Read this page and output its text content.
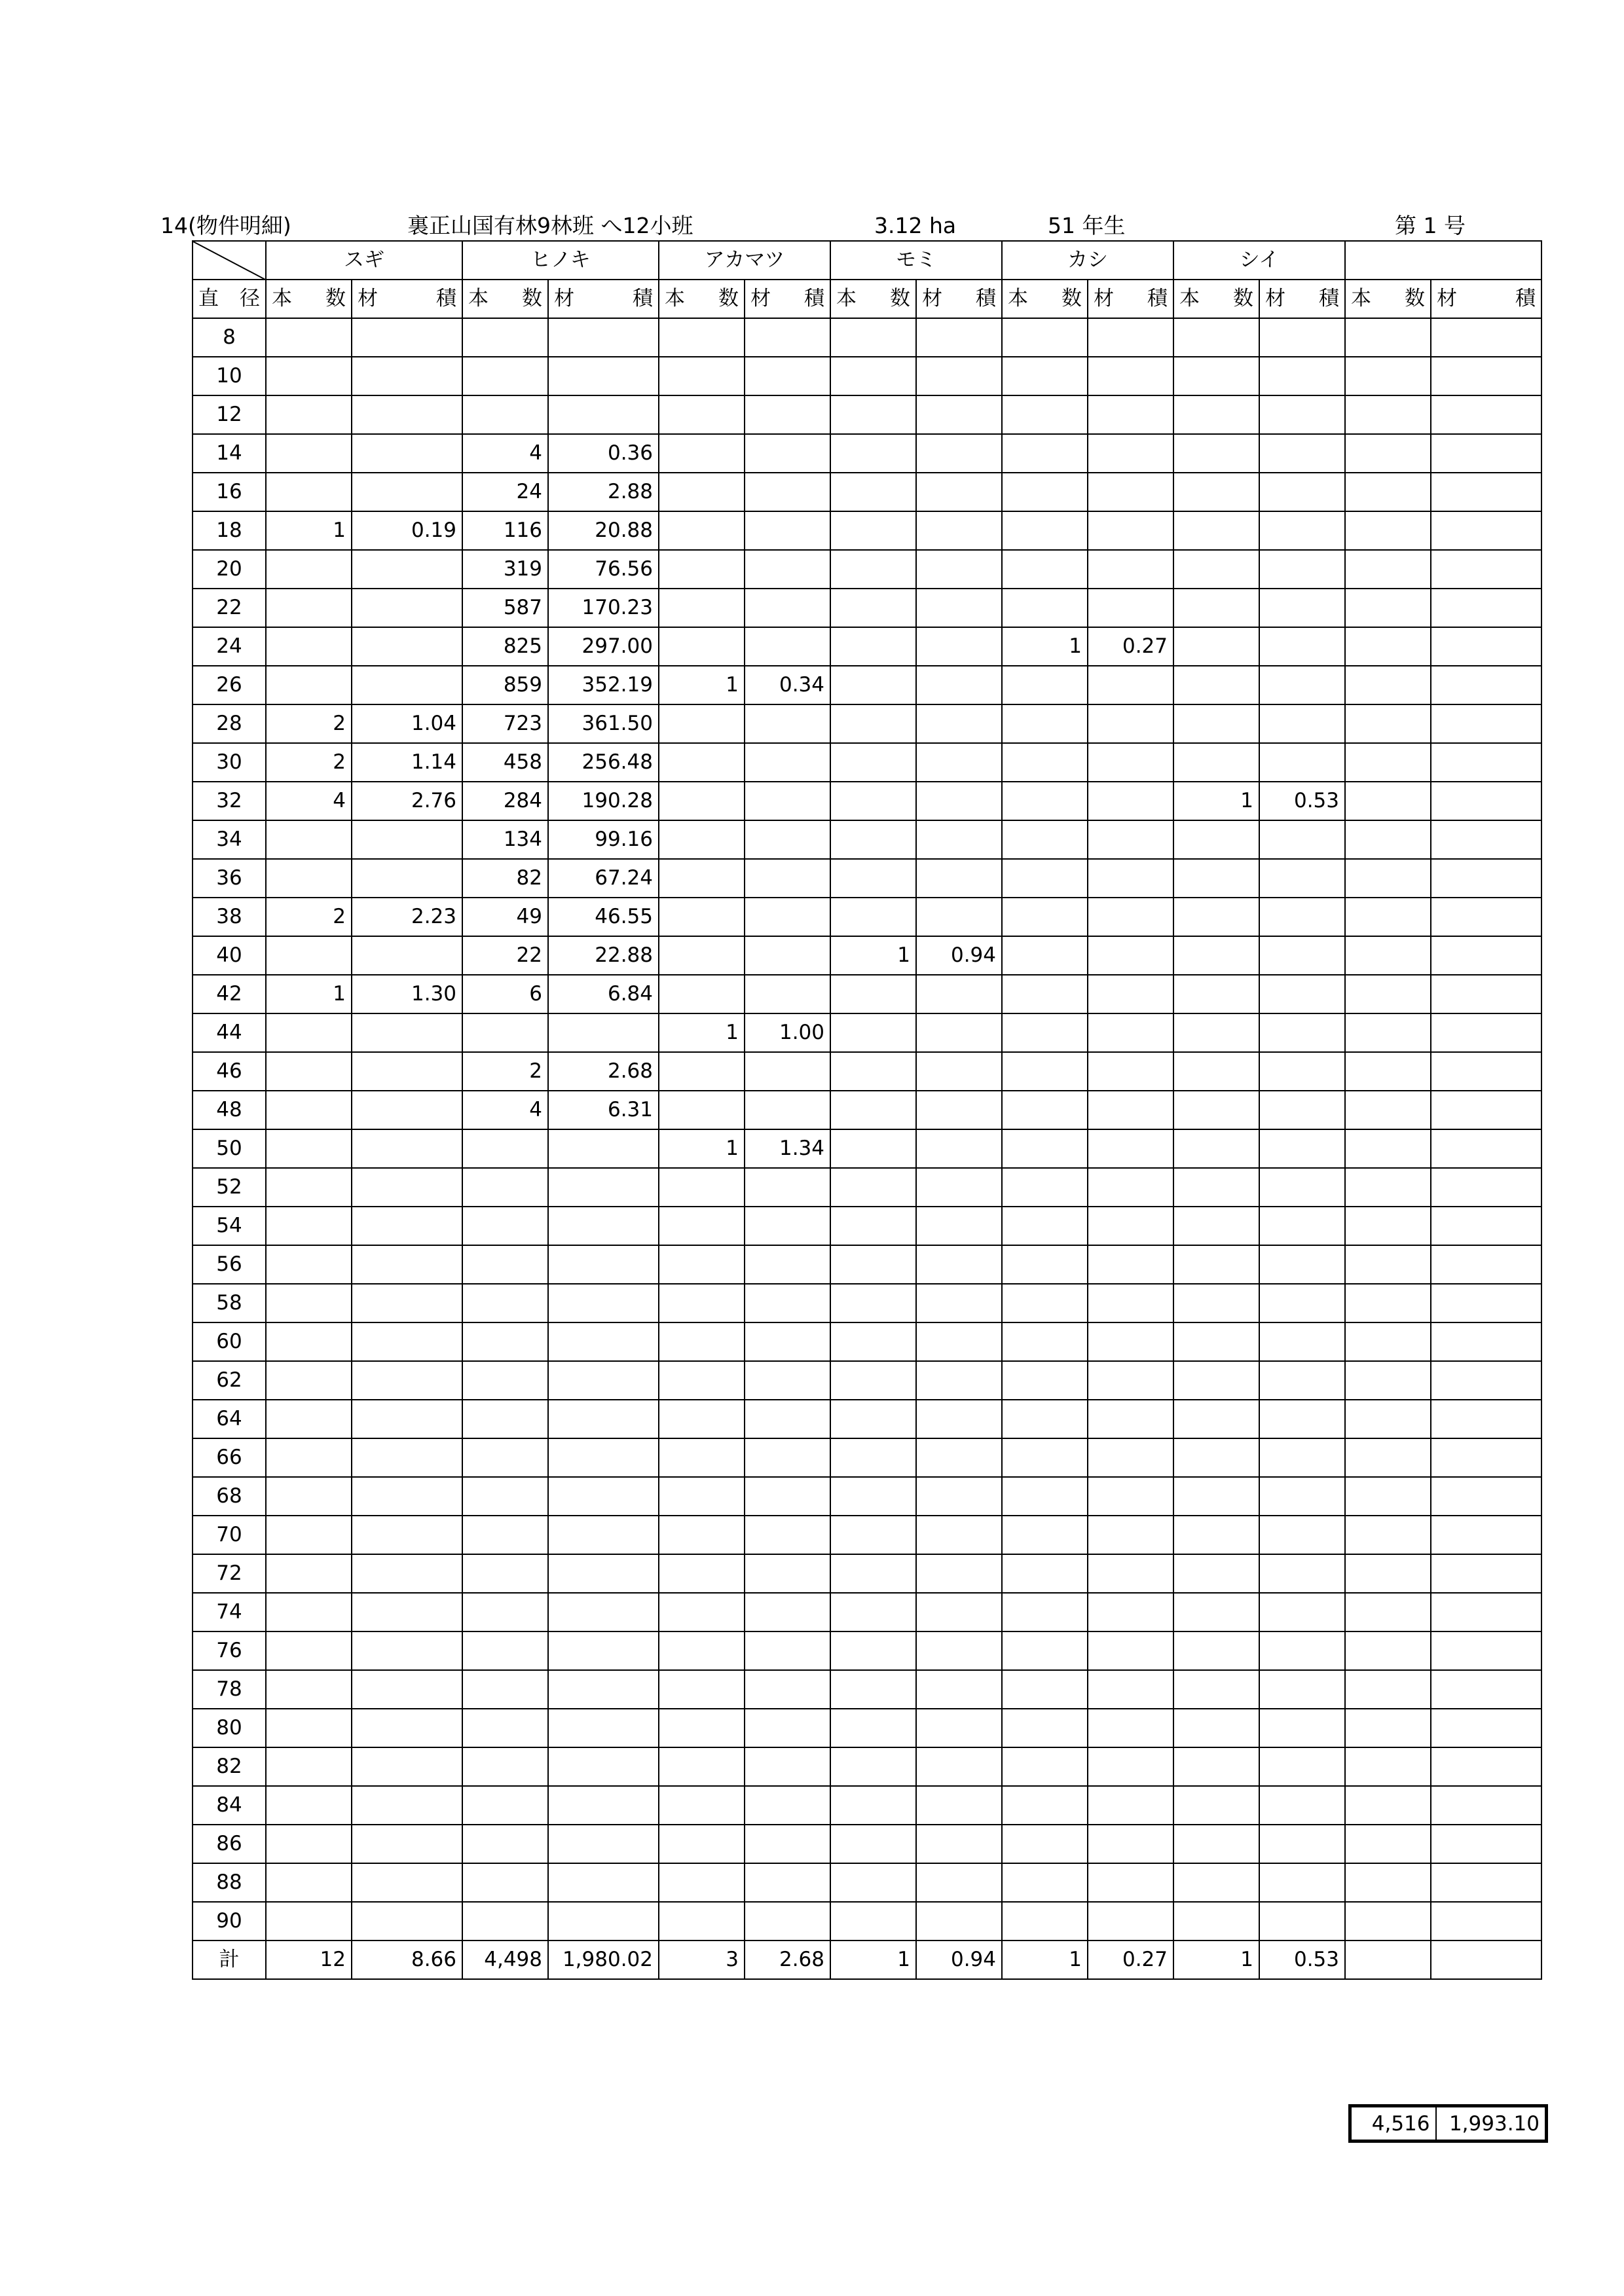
14(物件明細)	裏正山国有林9林班 へ12小班	3.12 ha	51 年生	第 1 号
	スギ		ヒノキ		アカマツ		モミ		カシ		シイ			

直 径	本 数	材 積	本 数	材 積	本 数	材 積	本 数	材 積	本 数	材 積	本 数	材 積	本 数	材 積

8														
10														
12														
14			4	0.36										
16			24	2.88										
18	1	0.19	116	20.88										
20			319	76.56										
22			587	170.23										
24			825	297.00					1	0.27				
26			859	352.19	1	0.34								
28	2	1.04	723	361.50										
30	2	1.14	458	256.48										
32	4	2.76	284	190.28							1	0.53		
34			134	99.16										
36			82	67.24										
38	2	2.23	49	46.55										
40			22	22.88			1	0.94						
42	1	1.30	6	6.84										
44					1	1.00								
46			2	2.68										
48			4	6.31										
50					1	1.34								
52														
54														
56														
58														
60														
62														
64														
66														
68														
70														
72														
74														
76														
78														
80														
82														
84														
86														
88														
90														
計	12	8.66	4,498	1,980.02	3	2.68	1	0.94	1	0.27	1	0.53		
4,516	1,993.10
